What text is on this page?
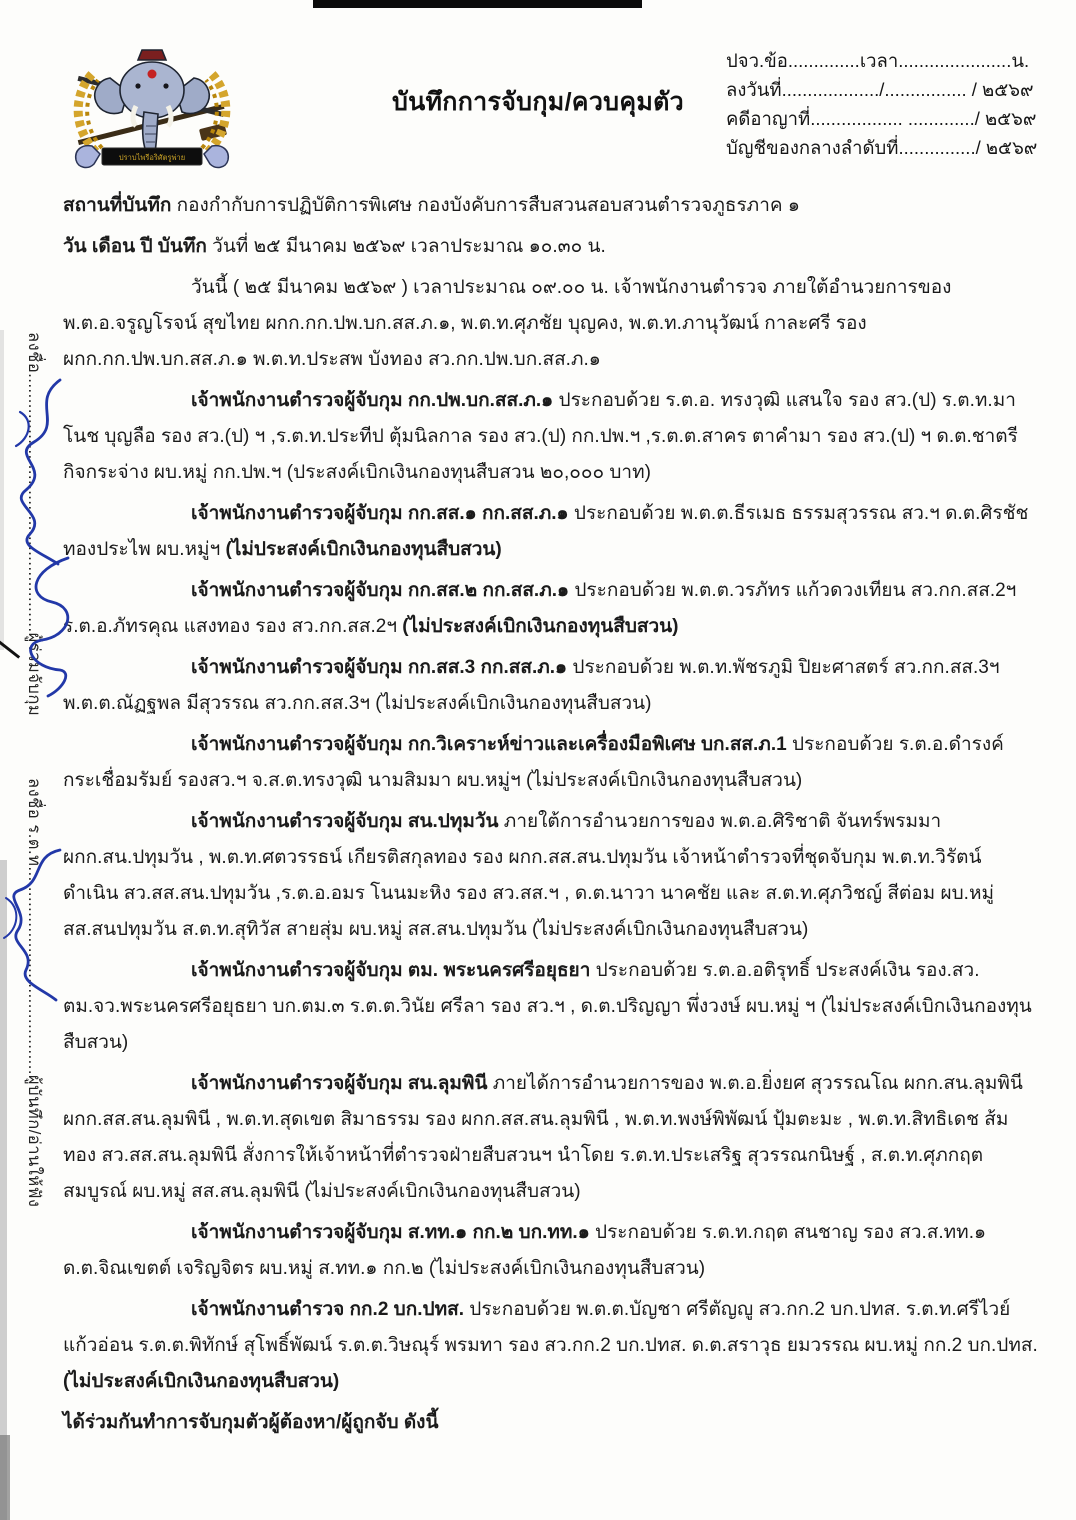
ปราบไพรีอริศัตรูพ่าย
บันทึกการจับกุม/ควบคุมตัว
ปจว.ข้อ..............เวลา......................น.
ลงวันที่.................../................ / ๒๕๖๙
คดีอาญาที่.................. ............./ ๒๕๖๙
บัญชีของกลางลำดับที่.............../ ๒๕๖๙

สถานที่บันทึก กองกำกับการปฏิบัติการพิเศษ กองบังคับการสืบสวนสอบสวนตำรวจภูธรภาค ๑

วัน เดือน ปี บันทึก วันที่ ๒๕ มีนาคม ๒๕๖๙ เวลาประมาณ ๑๐.๓๐ น.

วันนี้ ( ๒๕ มีนาคม ๒๕๖๙ ) เวลาประมาณ ๐๙.๐๐ น. เจ้าพนักงานตำรวจ ภายใต้อำนวยการของ พ.ต.อ.จรูญโรจน์ สุขไทย ผกก.กก.ปพ.บก.สส.ภ.๑, พ.ต.ท.ศุภชัย บุญคง, พ.ต.ท.ภานุวัฒน์ กาละศรี รอง ผกก.กก.ปพ.บก.สส.ภ.๑ พ.ต.ท.ประสพ บังทอง สว.กก.ปพ.บก.สส.ภ.๑

เจ้าพนักงานตำรวจผู้จับกุม กก.ปพ.บก.สส.ภ.๑ ประกอบด้วย ร.ต.อ. ทรงวุฒิ แสนใจ รอง สว.(ป) ร.ต.ท.มาโนช บุญลือ รอง สว.(ป) ฯ ,ร.ต.ท.ประทีป ตุ้มนิลกาล รอง สว.(ป) กก.ปพ.ฯ ,ร.ต.ต.สาคร ตาคำมา รอง สว.(ป) ฯ ด.ต.ชาตรี กิจกระจ่าง ผบ.หมู่ กก.ปพ.ฯ (ประสงค์เบิกเงินกองทุนสืบสวน ๒๐,๐๐๐ บาท)

เจ้าพนักงานตำรวจผู้จับกุม กก.สส.๑ กก.สส.ภ.๑ ประกอบด้วย พ.ต.ต.ธีรเมธ ธรรมสุวรรณ สว.ฯ ด.ต.ศิรชัช ทองประไพ ผบ.หมู่ฯ (ไม่ประสงค์เบิกเงินกองทุนสืบสวน)

เจ้าพนักงานตำรวจผู้จับกุม กก.สส.๒ กก.สส.ภ.๑ ประกอบด้วย พ.ต.ต.วรภัทร แก้วดวงเทียน สว.กก.สส.2ฯ ร.ต.อ.ภัทรคุณ แสงทอง รอง สว.กก.สส.2ฯ (ไม่ประสงค์เบิกเงินกองทุนสืบสวน)

เจ้าพนักงานตำรวจผู้จับกุม กก.สส.3 กก.สส.ภ.๑ ประกอบด้วย พ.ต.ท.พัชรภูมิ ปิยะศาสตร์ สว.กก.สส.3ฯ พ.ต.ต.ณัฏฐพล มีสุวรรณ สว.กก.สส.3ฯ (ไม่ประสงค์เบิกเงินกองทุนสืบสวน)

เจ้าพนักงานตำรวจผู้จับกุม กก.วิเคราะห์ข่าวและเครื่องมือพิเศษ บก.สส.ภ.1 ประกอบด้วย ร.ต.อ.ดำรงค์ กระเชื่อมรัมย์ รองสว.ฯ จ.ส.ต.ทรงวุฒิ นามสิมมา ผบ.หมู่ฯ (ไม่ประสงค์เบิกเงินกองทุนสืบสวน)

เจ้าพนักงานตำรวจผู้จับกุม สน.ปทุมวัน ภายใต้การอำนวยการของ พ.ต.อ.ศิริชาติ จันทร์พรมมา ผกก.สน.ปทุมวัน , พ.ต.ท.ศตวรรธน์ เกียรติสกุลทอง รอง ผกก.สส.สน.ปทุมวัน เจ้าหน้าตำรวจที่ชุดจับกุม พ.ต.ท.วิรัตน์ ดำเนิน สว.สส.สน.ปทุมวัน ,ร.ต.อ.อมร โนนมะหิง รอง สว.สส.ฯ , ด.ต.นาวา นาคชัย และ ส.ต.ท.ศุภวิชญ์ สีต่อม ผบ.หมู่ สส.สนปทุมวัน ส.ต.ท.สุทิวัส สายสุ่ม ผบ.หมู่ สส.สน.ปทุมวัน (ไม่ประสงค์เบิกเงินกองทุนสืบสวน)

เจ้าพนักงานตำรวจผู้จับกุม ตม. พระนครศรีอยุธยา ประกอบด้วย ร.ต.อ.อติรุทธิ์ ประสงค์เงิน รอง.สว. ตม.จว.พระนครศรีอยุธยา บก.ตม.๓ ร.ต.ต.วินัย ศรีลา รอง สว.ฯ , ด.ต.ปริญญา พึ่งวงษ์ ผบ.หมู่ ฯ (ไม่ประสงค์เบิกเงินกองทุนสืบสวน)

เจ้าพนักงานตำรวจผู้จับกุม สน.ลุมพินี ภายได้การอำนวยการของ พ.ต.อ.ยิ่งยศ สุวรรณโณ ผกก.สน.ลุมพินี ผกก.สส.สน.ลุมพินี , พ.ต.ท.สุดเขต สิมาธรรม รอง ผกก.สส.สน.ลุมพินี , พ.ต.ท.พงษ์พิพัฒน์ ปุ้มตะมะ , พ.ต.ท.สิทธิเดช ส้มทอง สว.สส.สน.ลุมพินี สั่งการให้เจ้าหน้าที่ตำรวจฝ่ายสืบสวนฯ นำโดย ร.ต.ท.ประเสริฐ สุวรรณกนิษฐ์ , ส.ต.ท.ศุภกฤต สมบูรณ์ ผบ.หมู่ สส.สน.ลุมพินี (ไม่ประสงค์เบิกเงินกองทุนสืบสวน)

เจ้าพนักงานตำรวจผู้จับกุม ส.ทท.๑ กก.๒ บก.ทท.๑ ประกอบด้วย ร.ต.ท.กฤต สนชาญ รอง สว.ส.ทท.๑ ด.ต.จิณเขตต์ เจริญจิตร ผบ.หมู่ ส.ทท.๑ กก.๒ (ไม่ประสงค์เบิกเงินกองทุนสืบสวน)

เจ้าพนักงานตำรวจ กก.2 บก.ปทส. ประกอบด้วย พ.ต.ต.บัญชา ศรีตัญญู สว.กก.2 บก.ปทส. ร.ต.ท.ศรีไวย์ แก้วอ่อน ร.ต.ต.พิทักษ์ สุโพธิ์พัฒน์ ร.ต.ต.วิษณุร์ พรมทา รอง สว.กก.2 บก.ปทส. ด.ต.สราวุธ ยมวรรณ ผบ.หมู่ กก.2 บก.ปทส. (ไม่ประสงค์เบิกเงินกองทุนสืบสวน)

ได้ร่วมกันทำการจับกุมตัวผู้ต้องหา/ผู้ถูกจับ ดังนี้

ลงชื่อ...................................................ผู้ร่วมจับกุม
ลงชื่อ ร.ต.ท.........................................ผู้บันทึก/อ่านให้ฟัง
